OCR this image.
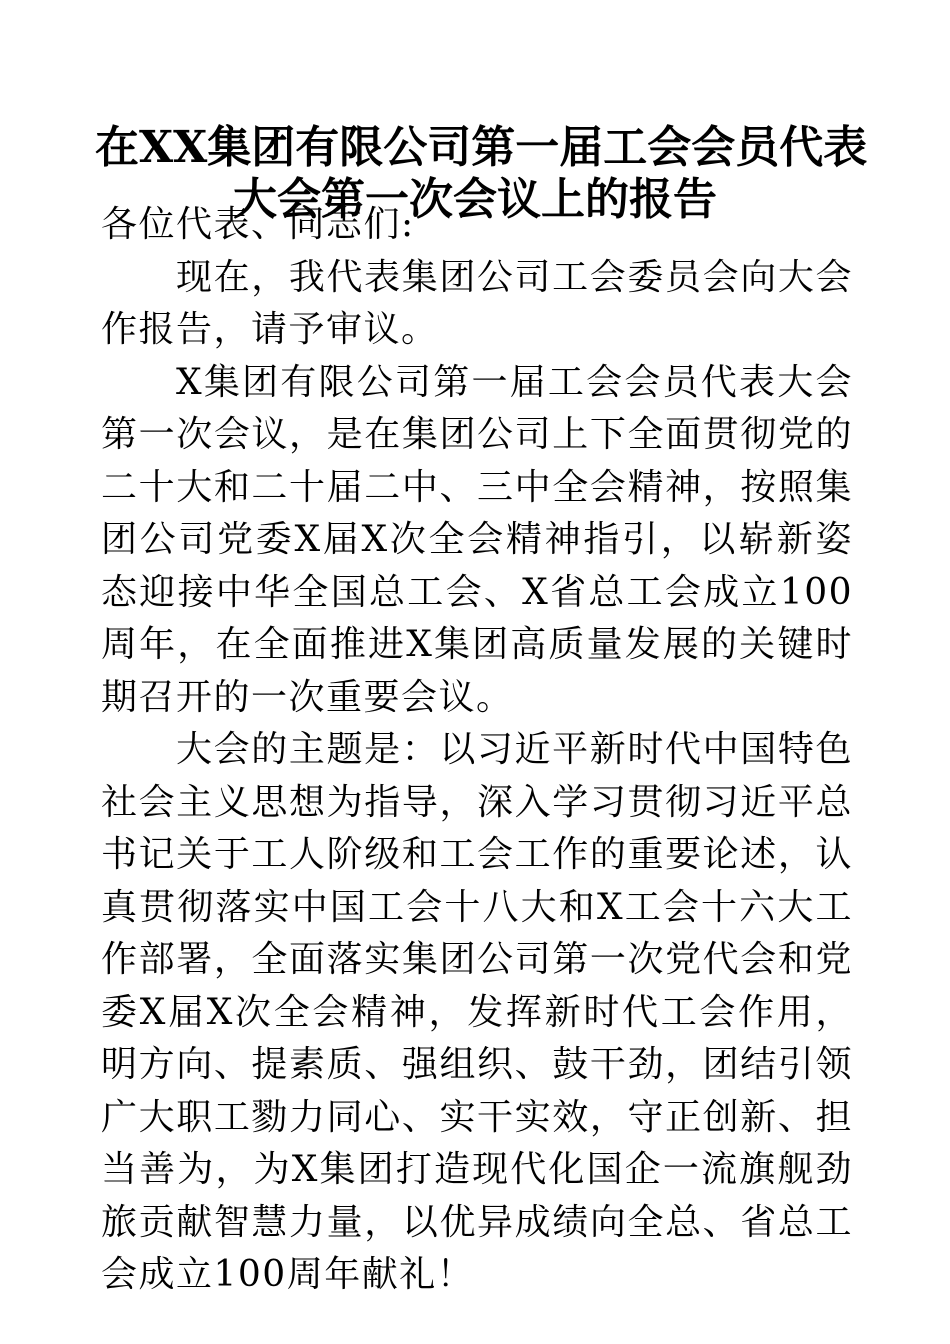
在XX集团有限公司第一届工会会员代表
大会第一次会议上的报告

各位代表、同志们:

现在，我代表集团公司工会委员会向大会作报告，请予审议。

X集团有限公司第一届工会会员代表大会第一次会议，是在集团公司上下全面贯彻党的二十大和二十届二中、三中全会精神，按照集团公司党委X届X次全会精神指引，以崭新姿态迎接中华全国总工会、X省总工会成立100周年，在全面推进X集团高质量发展的关键时期召开的一次重要会议。

大会的主题是：以习近平新时代中国特色社会主义思想为指导，深入学习贯彻习近平总书记关于工人阶级和工会工作的重要论述，认真贯彻落实中国工会十八大和X工会十六大工作部署，全面落实集团公司第一次党代会和党委X届X次全会精神，发挥新时代工会作用，明方向、提素质、强组织、鼓干劲，团结引领广大职工勠力同心、实干实效，守正创新、担当善为，为X集团打造现代化国企一流旗舰劲旅贡献智慧力量，以优异成绩向全总、省总工会成立100周年献礼！
